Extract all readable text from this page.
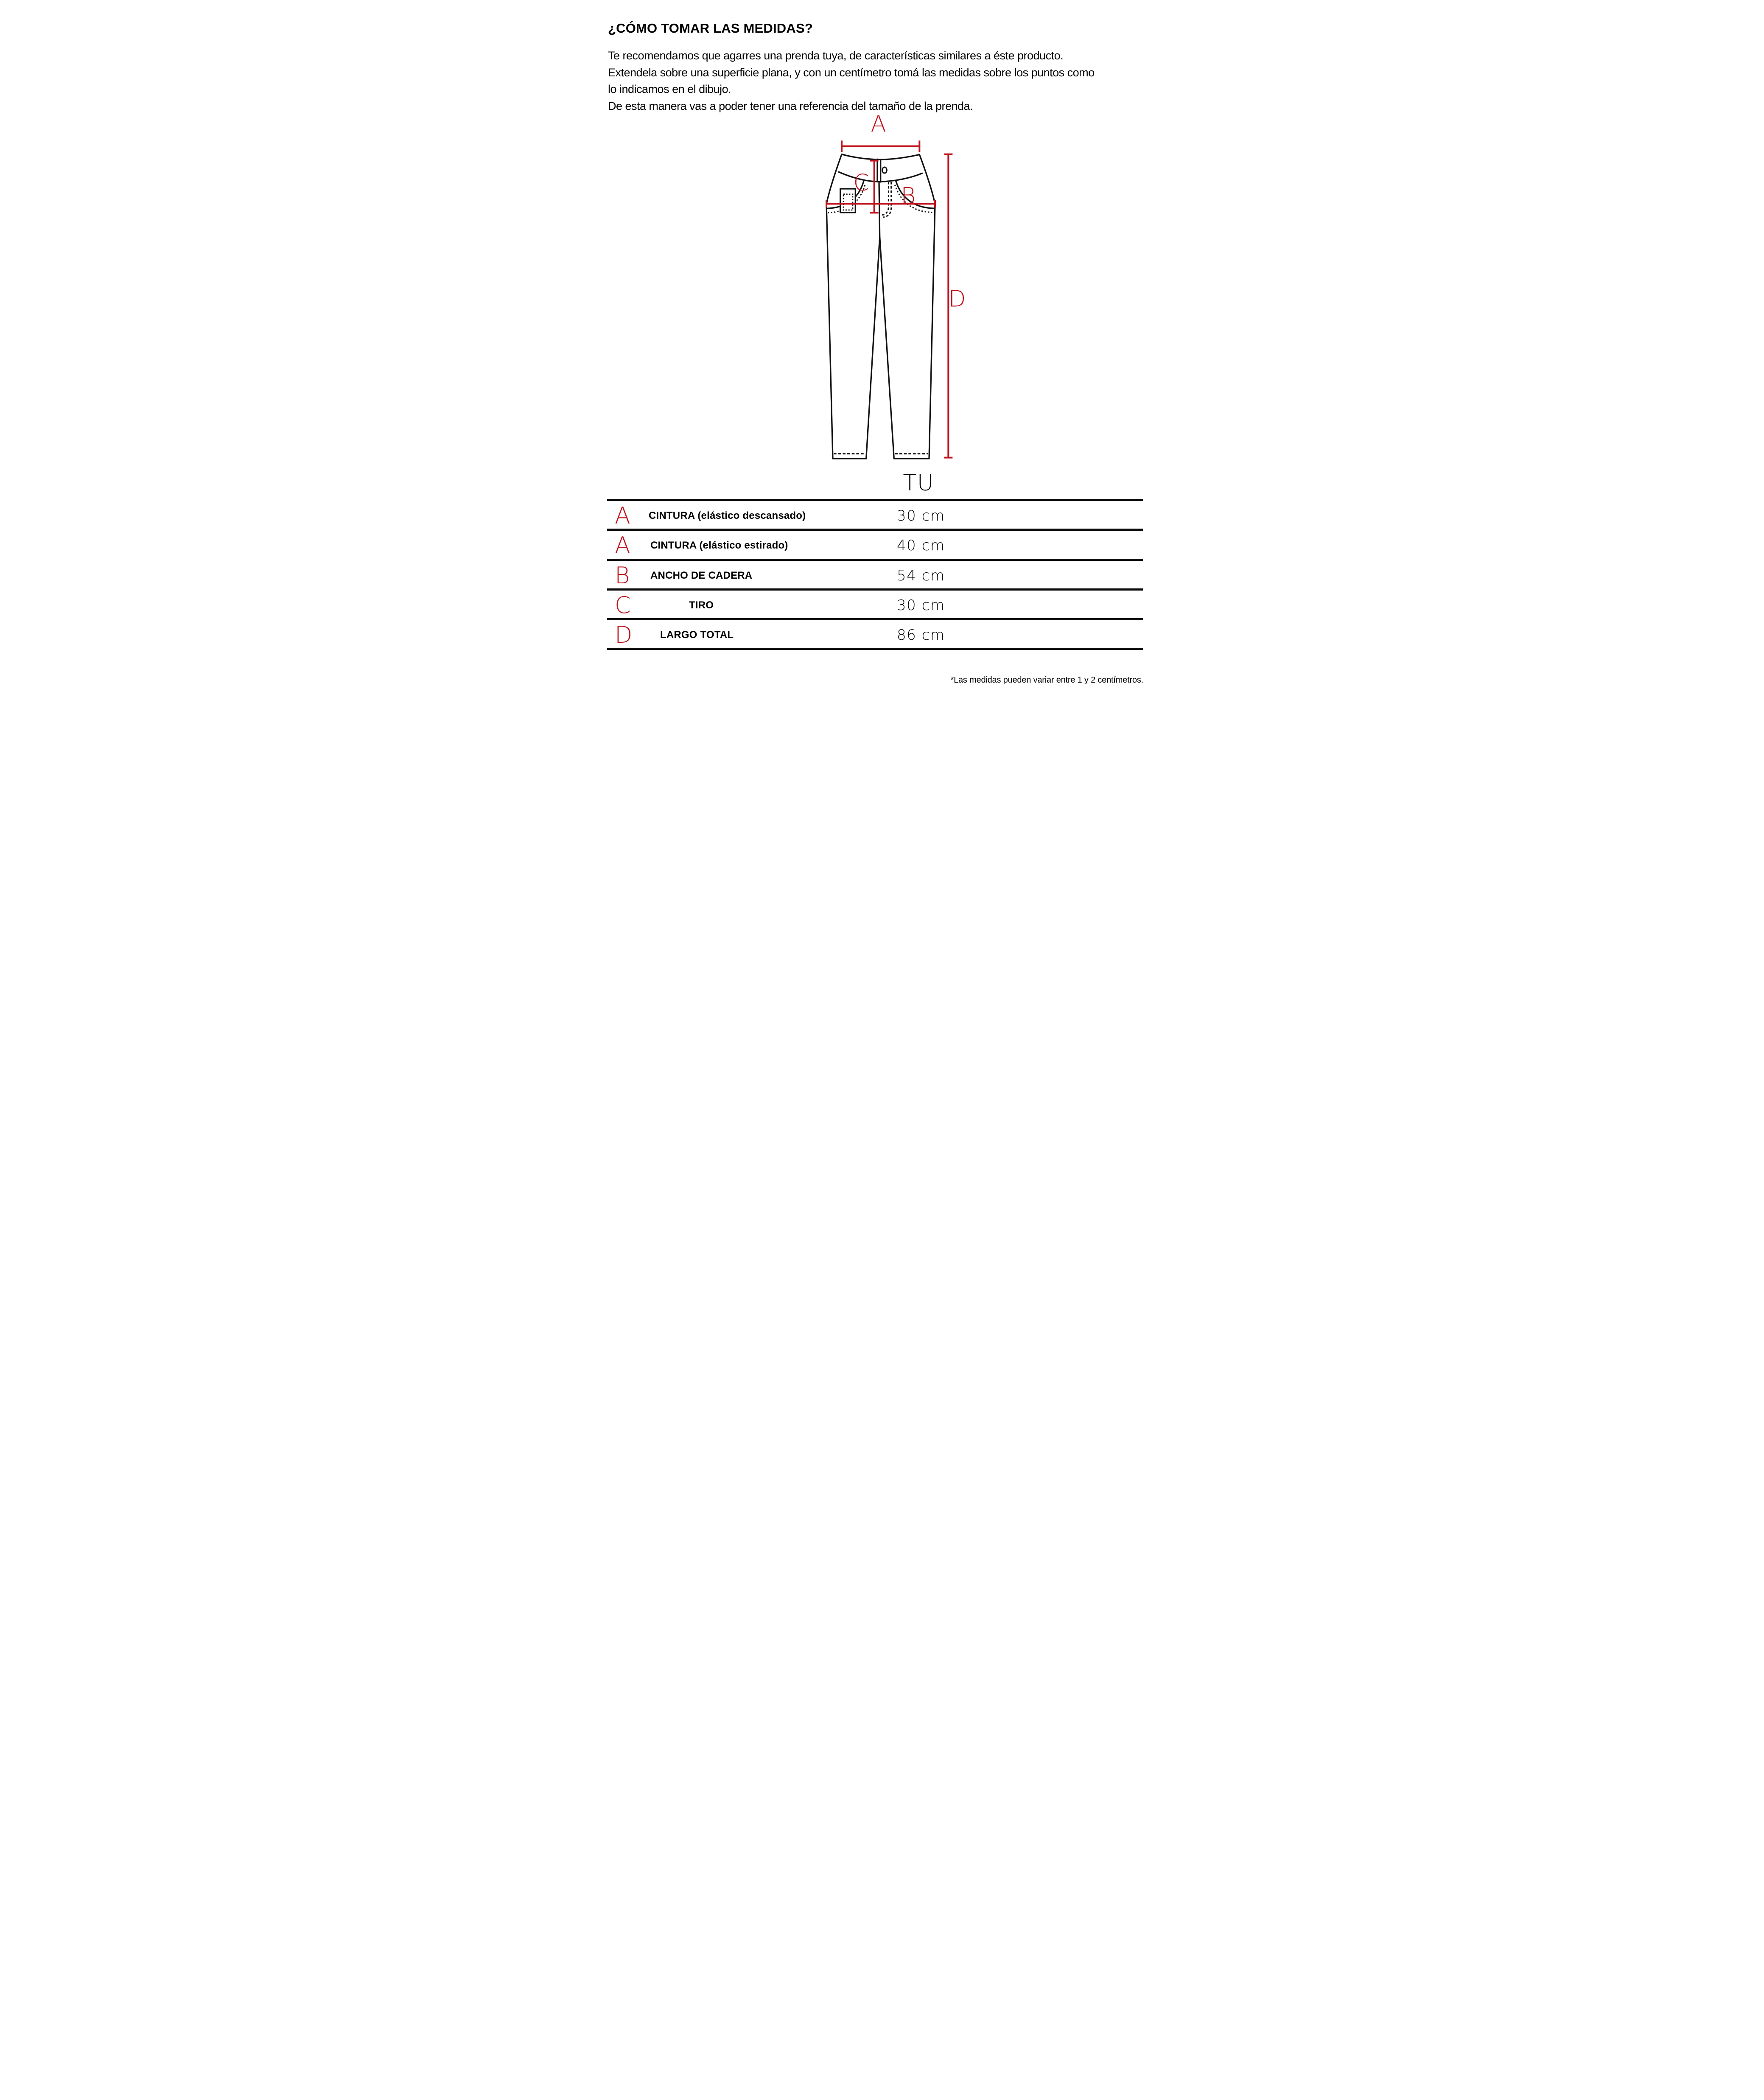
¿CÓMO TOMAR LAS MEDIDAS?
Te recomendamos que agarres una prenda tuya, de características similares a éste producto.
Extendela sobre una superficie plana, y con un centímetro tomá las medidas sobre los puntos como
lo indicamos en el dibujo.
De esta manera vas a poder tener una referencia del tamaño de la prenda.
A
C B
D
TU
A CINTURA (elástico descansado)	30 cm
A CINTURA (elástico estirado)	40 cm
B ANCHO DE CADERA	54 cm
C	TIRO	30 cm
D	LARGO TOTAL	86 cm
*Las medidas pueden variar entre 1 y 2 centímetros.
